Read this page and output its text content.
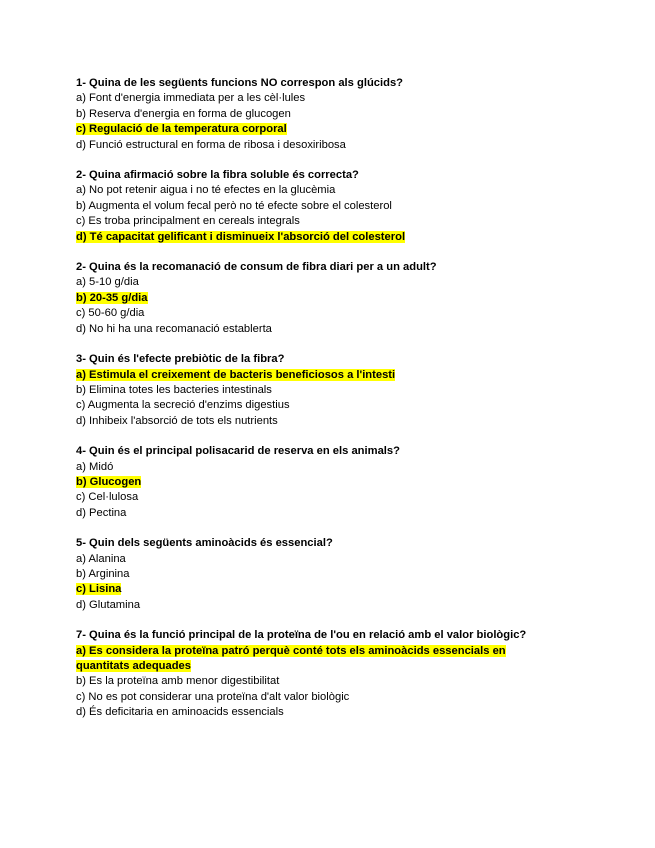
1- Quina de les següents funcions NO correspon als glúcids?
a) Font d'energia immediata per a les cèl·lules
b) Reserva d'energia en forma de glucogen
c) Regulació de la temperatura corporal
d) Funció estructural en forma de ribosa i desoxiribosa
2- Quina afirmació sobre la fibra soluble és correcta?
a) No pot retenir aigua i no té efectes en la glucèmia
b) Augmenta el volum fecal però no té efecte sobre el colesterol
c) Es troba principalment en cereals integrals
d) Té capacitat gelificant i disminueix l'absorció del colesterol
2- Quina és la recomanació de consum de fibra diari per a un adult?
a) 5-10 g/dia
b) 20-35 g/dia
c) 50-60 g/dia
d) No hi ha una recomanació establerta
3- Quin és l'efecte prebiòtic de la fibra?
a) Estimula el creixement de bacteris beneficiosos a l'intesti
b) Elimina totes les bacteries intestinals
c) Augmenta la secreció d'enzims digestius
d) Inhibeix l'absorció de tots els nutrients
4- Quin és el principal polisacarid de reserva en els animals?
a) Midó
b) Glucogen
c) Cel·lulosa
d) Pectina
5- Quin dels següents aminoàcids és essencial?
a) Alanina
b) Arginina
c) Lisina
d) Glutamina
7- Quina és la funció principal de la proteïna de l'ou en relació amb el valor biològic?
a) Es considera la proteïna patró perquè conté tots els aminoàcids essencials en quantitats adequades
b) Es la proteïna amb menor digestibilitat
c) No es pot considerar una proteïna d'alt valor biològic
d) És deficitaria en aminoacids essencials
